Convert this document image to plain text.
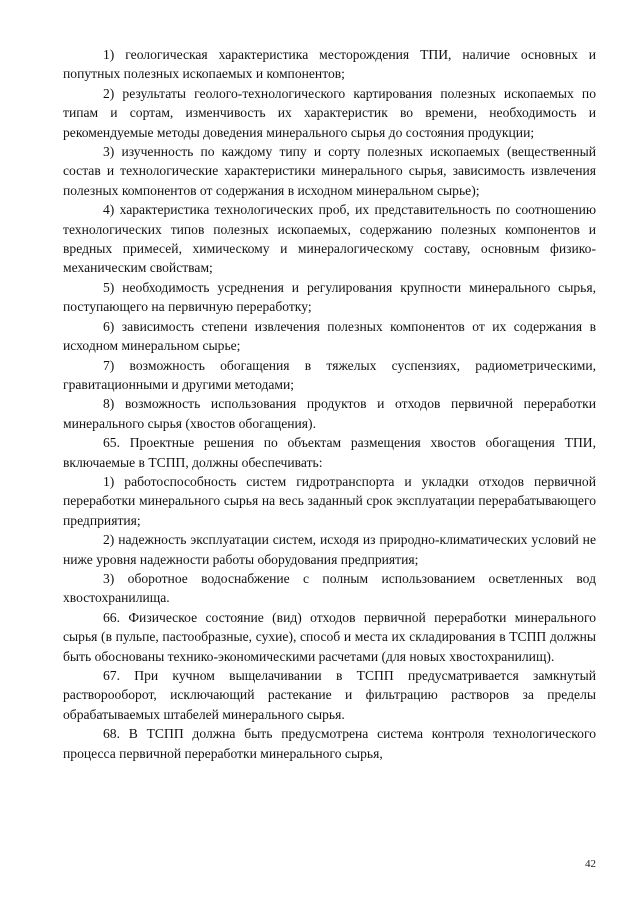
1) геологическая характеристика месторождения ТПИ, наличие основных и попутных полезных ископаемых и компонентов;

2) результаты геолого-технологического картирования полезных ископаемых по типам и сортам, изменчивость их характеристик во времени, необходимость и рекомендуемые методы доведения минерального сырья до состояния продукции;

3) изученность по каждому типу и сорту полезных ископаемых (вещественный состав и технологические характеристики минерального сырья, зависимость извлечения полезных компонентов от содержания в исходном минеральном сырье);

4) характеристика технологических проб, их представительность по соотношению технологических типов полезных ископаемых, содержанию полезных компонентов и вредных примесей, химическому и минералогическому составу, основным физико-механическим свойствам;

5) необходимость усреднения и регулирования крупности минерального сырья, поступающего на первичную переработку;

6) зависимость степени извлечения полезных компонентов от их содержания в исходном минеральном сырье;

7) возможность обогащения в тяжелых суспензиях, радиометрическими, гравитационными и другими методами;

8) возможность использования продуктов и отходов первичной переработки минерального сырья (хвостов обогащения).

65. Проектные решения по объектам размещения хвостов обогащения ТПИ, включаемые в ТСПП, должны обеспечивать:

1) работоспособность систем гидротранспорта и укладки отходов первичной переработки минерального сырья на весь заданный срок эксплуатации перерабатывающего предприятия;

2) надежность эксплуатации систем, исходя из природно-климатических условий не ниже уровня надежности работы оборудования предприятия;

3) оборотное водоснабжение с полным использованием осветленных вод хвостохранилища.

66. Физическое состояние (вид) отходов первичной переработки минерального сырья (в пульпе, пастообразные, сухие), способ и места их складирования в ТСПП должны быть обоснованы технико-экономическими расчетами (для новых хвостохранилищ).

67. При кучном выщелачивании в ТСПП предусматривается замкнутый растворооборот, исключающий растекание и фильтрацию растворов за пределы обрабатываемых штабелей минерального сырья.

68. В ТСПП должна быть предусмотрена система контроля технологического процесса первичной переработки минерального сырья,

42
